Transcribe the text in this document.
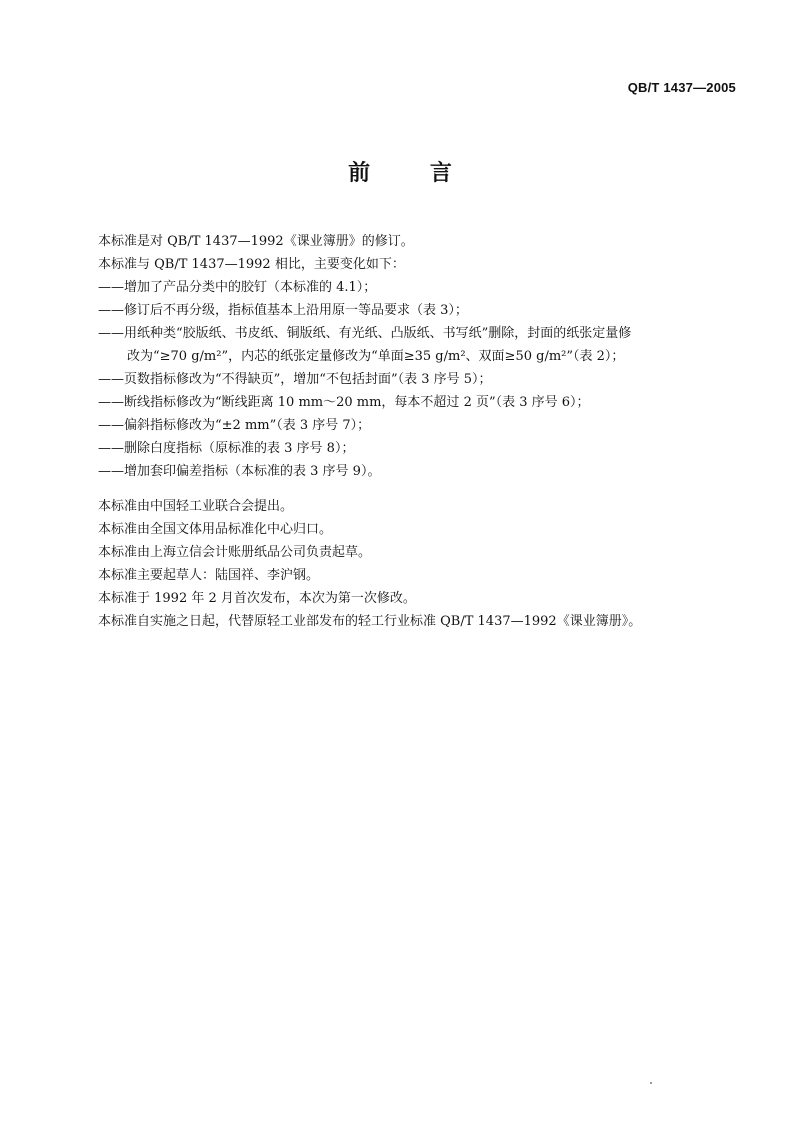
QB/T 1437—2005
前 言
本标准是对 QB/T 1437—1992《课业簿册》的修订。
本标准与 QB/T 1437—1992 相比，主要变化如下：
——增加了产品分类中的胶钉（本标准的 4.1）；
——修订后不再分级，指标值基本上沿用原一等品要求（表 3）；
——用纸种类“胶版纸、书皮纸、铜版纸、有光纸、凸版纸、书写纸”删除，封面的纸张定量修
改为“≥70 g/m²”，内芯的纸张定量修改为“单面≥35 g/m²、双面≥50 g/m²”（表 2）；
——页数指标修改为“不得缺页”，增加“不包括封面”（表 3 序号 5）；
——断线指标修改为“断线距离 10 mm～20 mm，每本不超过 2 页”（表 3 序号 6）；
——偏斜指标修改为“±2 mm”（表 3 序号 7）；
——删除白度指标（原标准的表 3 序号 8）；
——增加套印偏差指标（本标准的表 3 序号 9）。
本标准由中国轻工业联合会提出。
本标准由全国文体用品标准化中心归口。
本标准由上海立信会计账册纸品公司负责起草。
本标准主要起草人：陆国祥、李沪钢。
本标准于 1992 年 2 月首次发布，本次为第一次修改。
本标准自实施之日起，代替原轻工业部发布的轻工行业标准 QB/T 1437—1992《课业簿册》。
